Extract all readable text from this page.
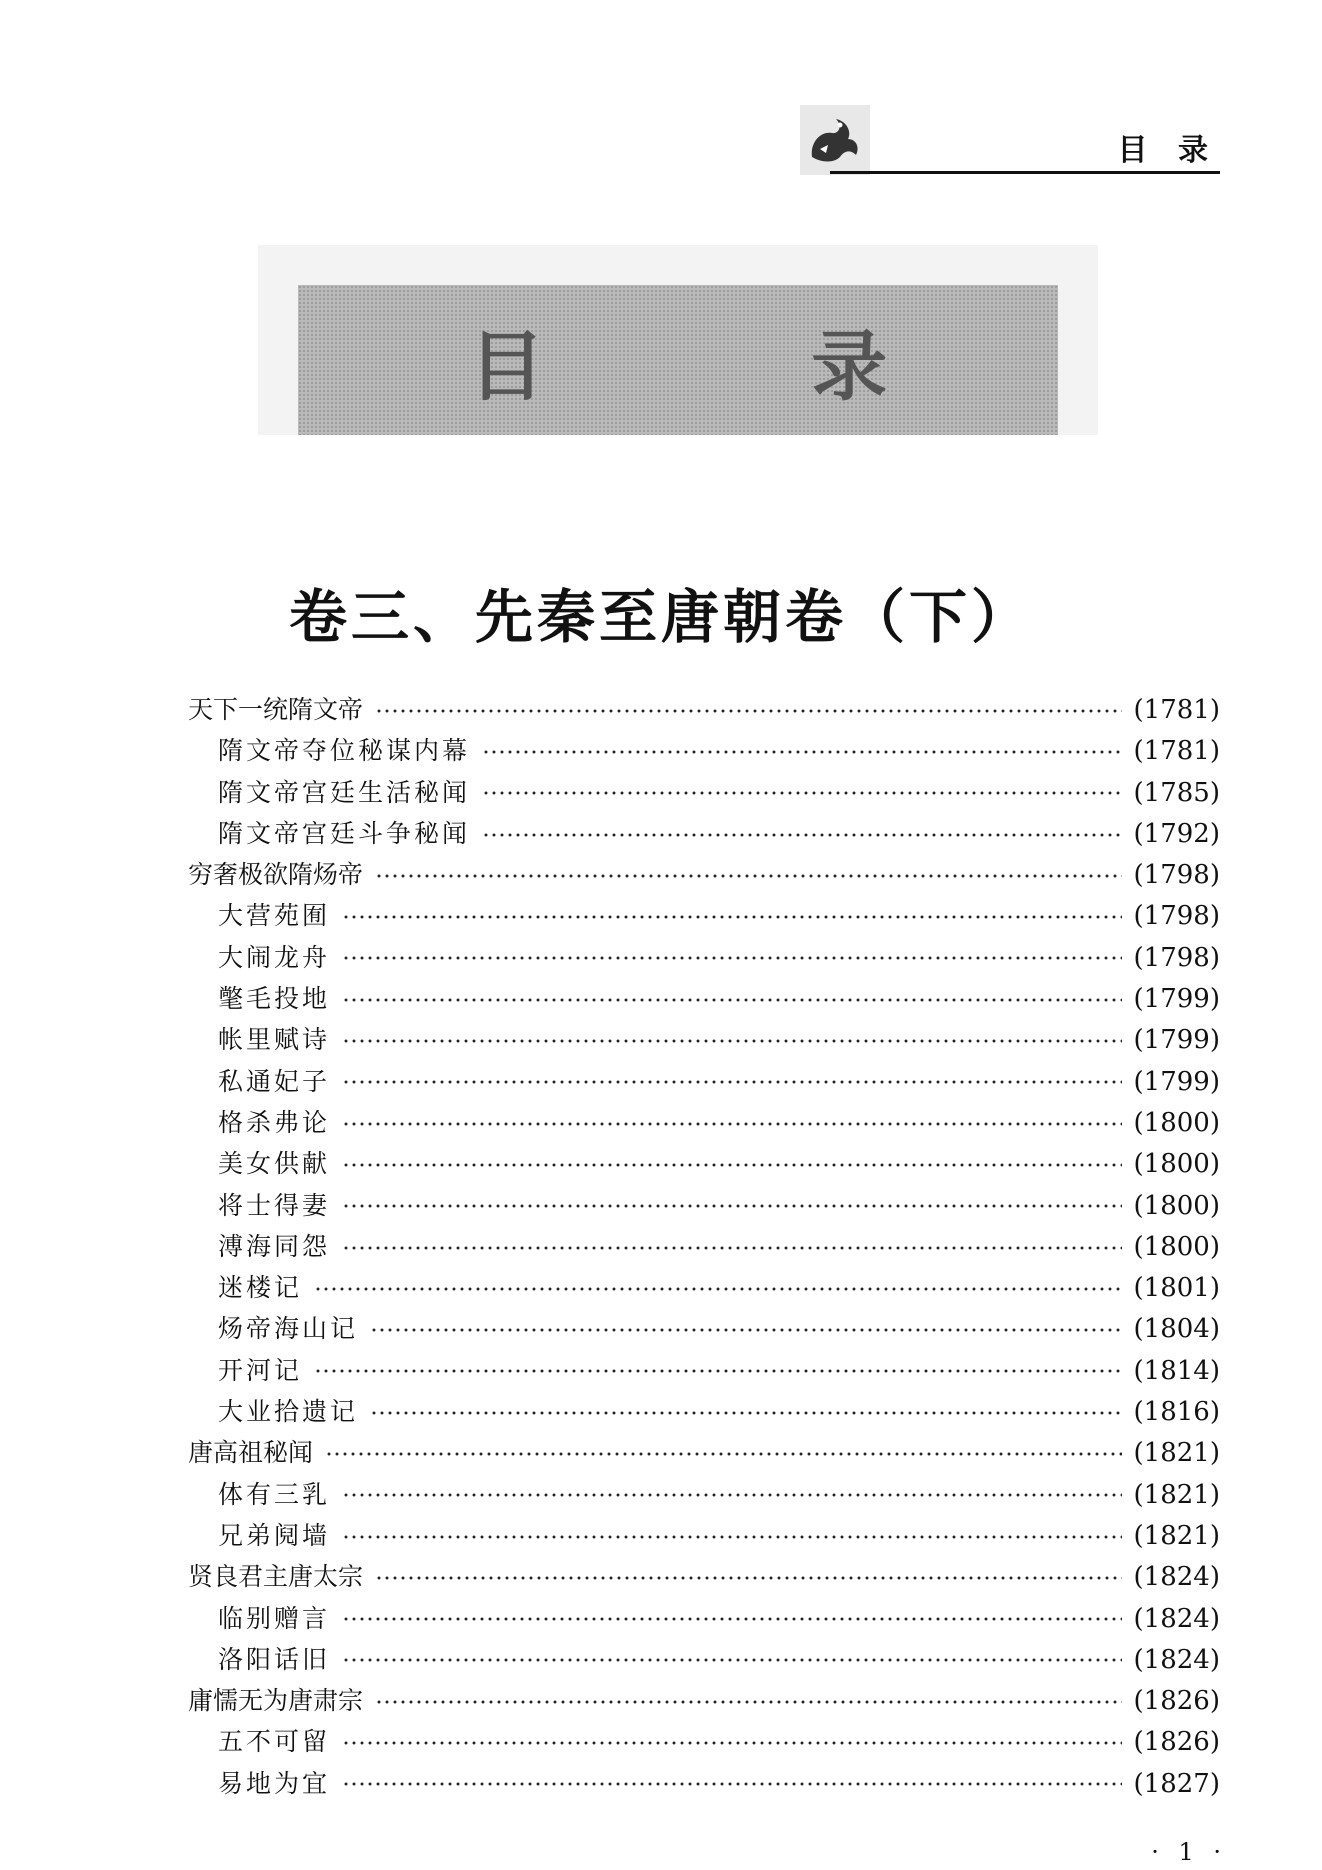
目 录
目 录
卷三、先秦至唐朝卷（下）
天下一统隋文帝	(1781)
隋文帝夺位秘谋内幕	(1781)
隋文帝宫廷生活秘闻	(1785)
隋文帝宫廷斗争秘闻	(1792)
穷奢极欲隋炀帝	(1798)
大营苑囿	(1798)
大闹龙舟	(1798)
氅毛投地	(1799)
帐里赋诗	(1799)
私通妃子	(1799)
格杀弗论	(1800)
美女供献	(1800)
将士得妻	(1800)
溥海同怨	(1800)
迷楼记	(1801)
炀帝海山记	(1804)
开河记	(1814)
大业拾遗记	(1816)
唐高祖秘闻	(1821)
体有三乳	(1821)
兄弟阋墙	(1821)
贤良君主唐太宗	(1824)
临别赠言	(1824)
洛阳话旧	(1824)
庸懦无为唐肃宗	(1826)
五不可留	(1826)
易地为宜	(1827)
· 1 ·
